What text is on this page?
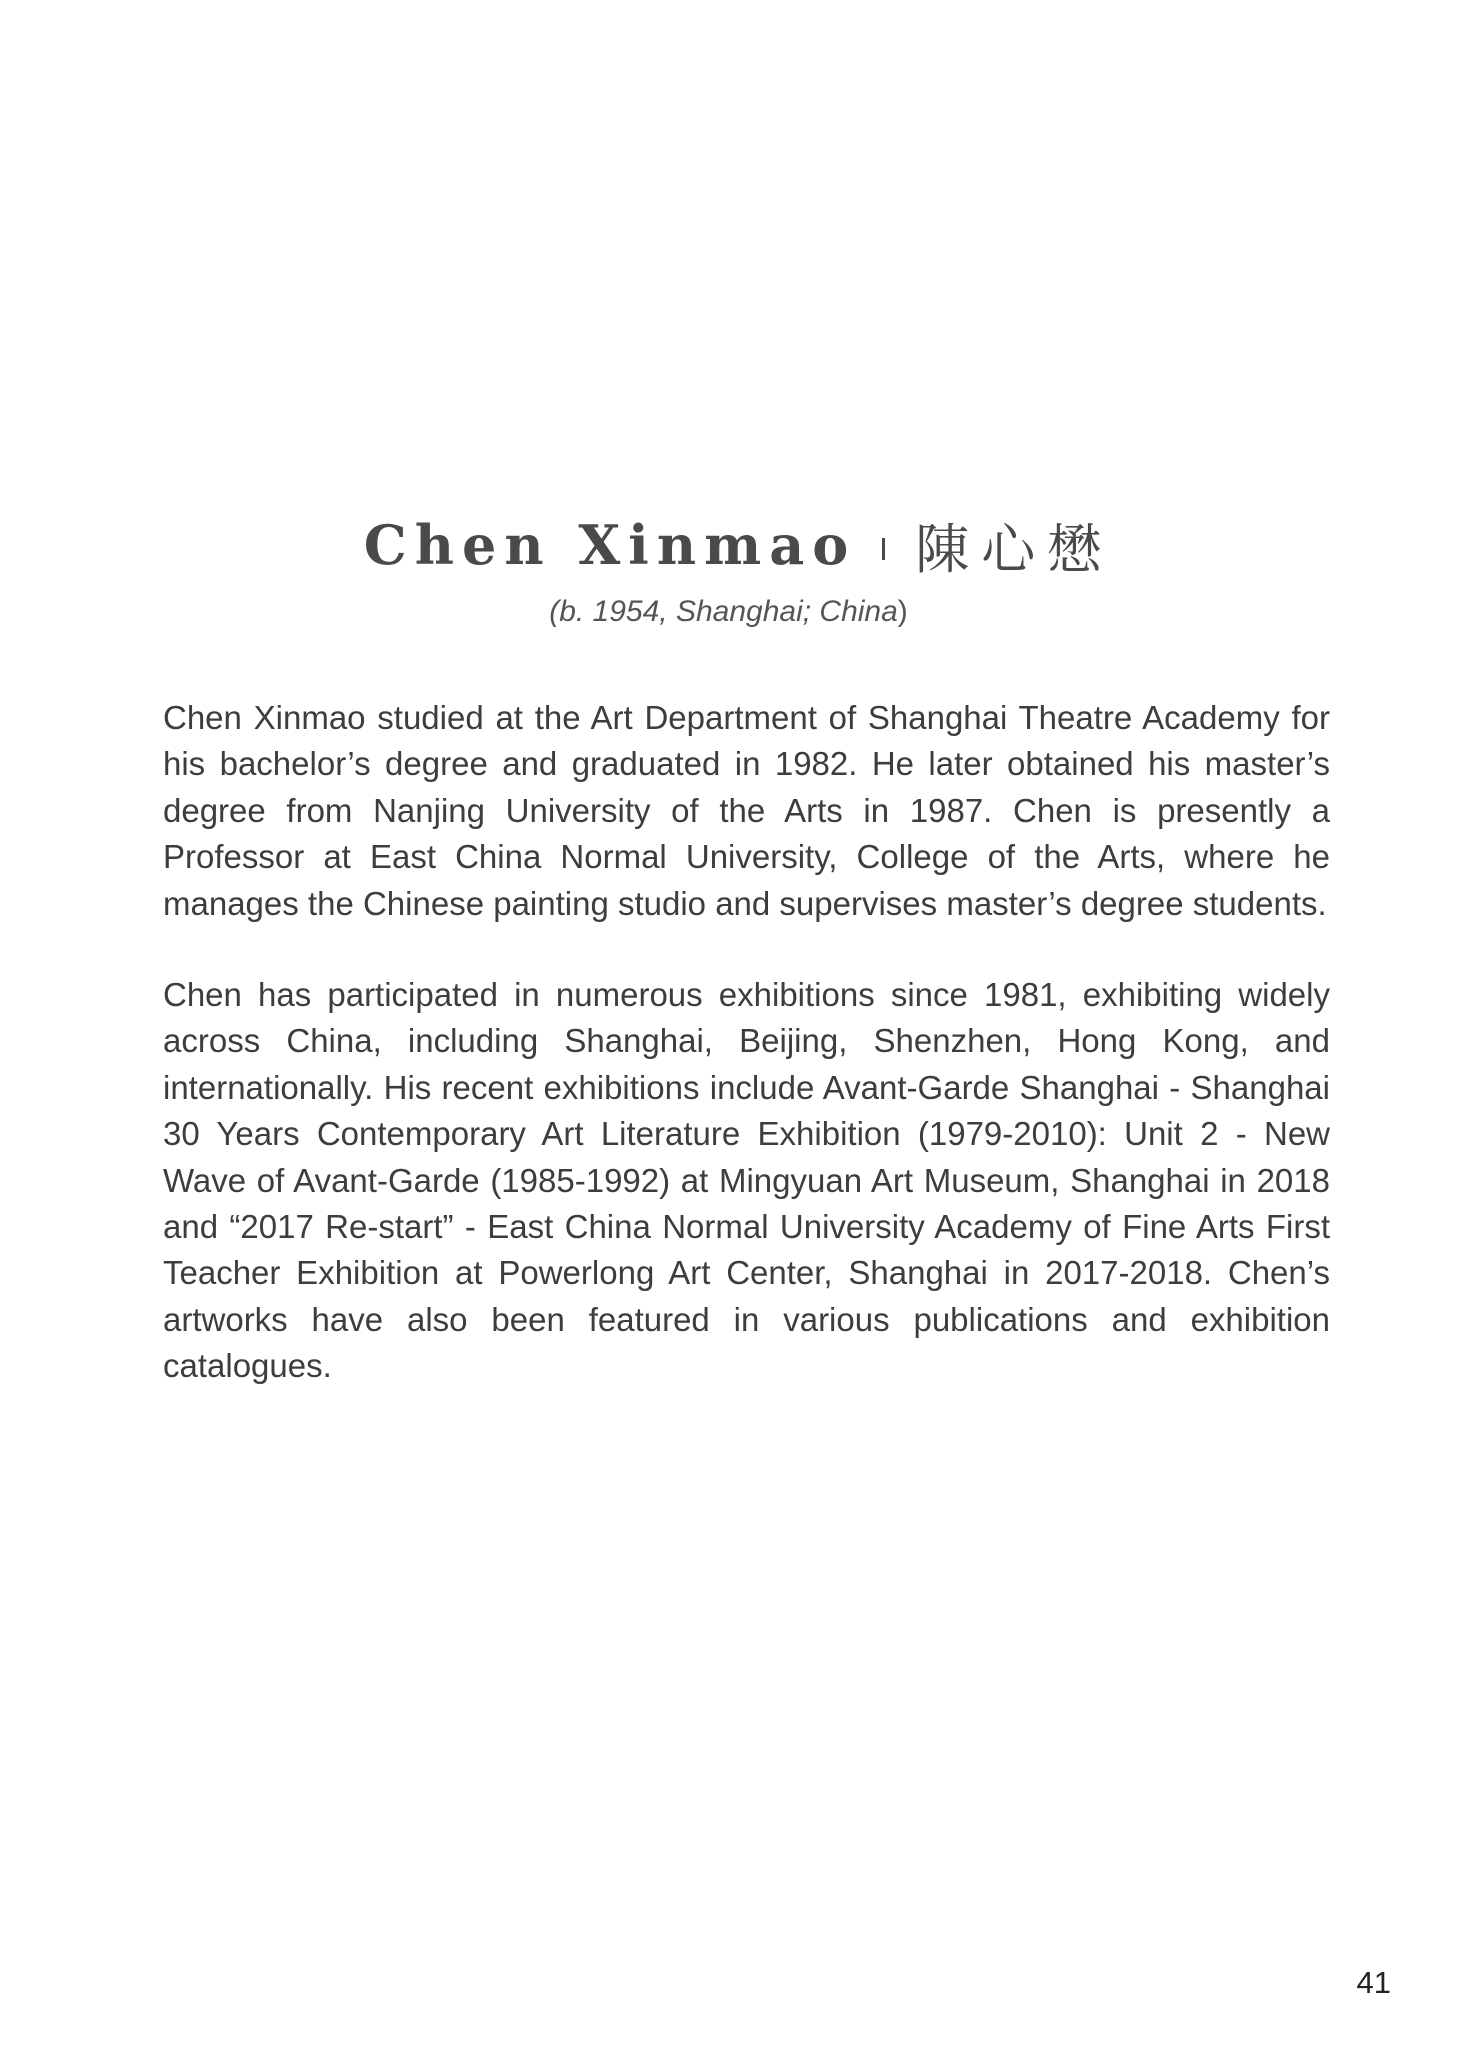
Chen Xinmao 陳心懋
(b. 1954, Shanghai; China)

Chen Xinmao studied at the Art Department of Shanghai Theatre Academy for his bachelor’s degree and graduated in 1982. He later obtained his master’s degree from Nanjing University of the Arts in 1987. Chen is presently a Professor at East China Normal University, College of the Arts, where he manages the Chinese painting studio and supervises master’s degree students.

Chen has participated in numerous exhibitions since 1981, exhibiting widely across China, including Shanghai, Beijing, Shenzhen, Hong Kong, and internationally. His recent exhibitions include Avant-Garde Shanghai - Shanghai 30 Years Contemporary Art Literature Exhibition (1979-2010): Unit 2 - New Wave of Avant-Garde (1985-1992) at Mingyuan Art Museum, Shanghai in 2018 and “2017 Re-start” - East China Normal University Academy of Fine Arts First Teacher Exhibition at Powerlong Art Center, Shanghai in 2017-2018. Chen’s artworks have also been featured in various publications and exhibition catalogues.

41
